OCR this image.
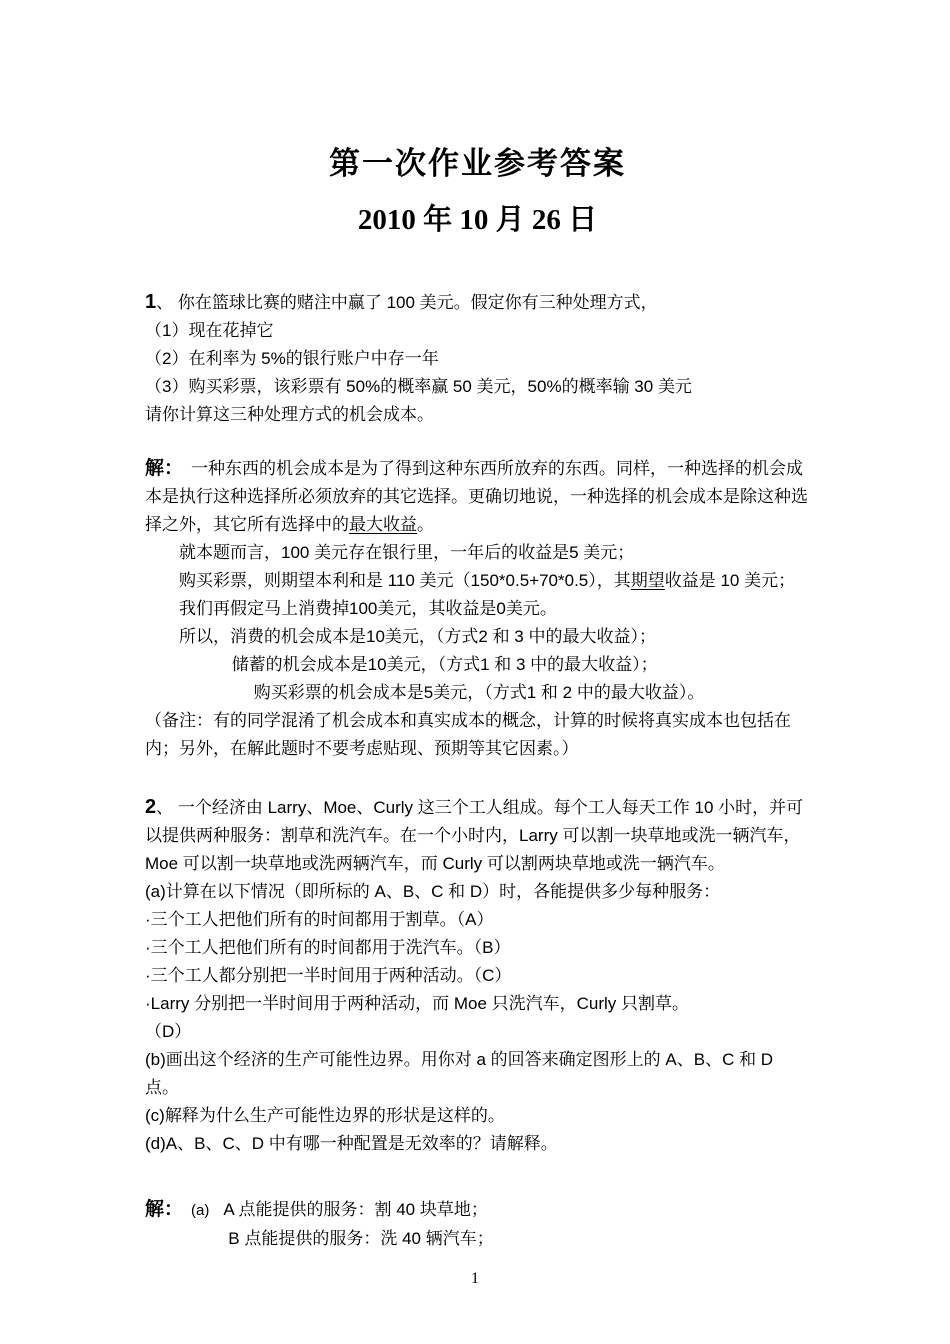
第一次作业参考答案
2010 年 10 月 26 日

1、 你在篮球比赛的赌注中赢了 100 美元。假定你有三种处理方式，

（1）现在花掉它

（2）在利率为 5%的银行账户中存一年

（3）购买彩票，该彩票有 50%的概率赢 50 美元，50%的概率输 30 美元

请你计算这三种处理方式的机会成本。

解： 一种东西的机会成本是为了得到这种东西所放弃的东西。同样，一种选择的机会成本是执行这种选择所必须放弃的其它选择。更确切地说，一种选择的机会成本是除这种选择之外，其它所有选择中的最大收益。

就本题而言，100 美元存在银行里，一年后的收益是5 美元；

购买彩票，则期望本利和是 110 美元（150*0.5+70*0.5），其期望收益是 10 美元；

我们再假定马上消费掉100美元，其收益是0美元。

所以，消费的机会成本是10美元，（方式2 和 3 中的最大收益）；

储蓄的机会成本是10美元，（方式1 和 3 中的最大收益）；

购买彩票的机会成本是5美元，（方式1 和 2 中的最大收益）。

（备注：有的同学混淆了机会成本和真实成本的概念，计算的时候将真实成本也包括在内；另外，在解此题时不要考虑贴现、预期等其它因素。）

2、 一个经济由 Larry、Moe、Curly 这三个工人组成。每个工人每天工作 10 小时，并可以提供两种服务：割草和洗汽车。在一个小时内，Larry 可以割一块草地或洗一辆汽车，Moe 可以割一块草地或洗两辆汽车，而 Curly 可以割两块草地或洗一辆汽车。

(a)计算在以下情况（即所标的 A、B、C 和 D）时，各能提供多少每种服务：

·三个工人把他们所有的时间都用于割草。（A）

·三个工人把他们所有的时间都用于洗汽车。（B）

·三个工人都分别把一半时间用于两种活动。（C）

·Larry 分别把一半时间用于两种活动，而 Moe 只洗汽车，Curly 只割草。

（D）

(b)画出这个经济的生产可能性边界。用你对 a 的回答来确定图形上的 A、B、C 和 D 点。

(c)解释为什么生产可能性边界的形状是这样的。

(d)A、B、C、D 中有哪一种配置是无效率的？请解释。

解： (a) A 点能提供的服务：割 40 块草地；

B 点能提供的服务：洗 40 辆汽车；

1
